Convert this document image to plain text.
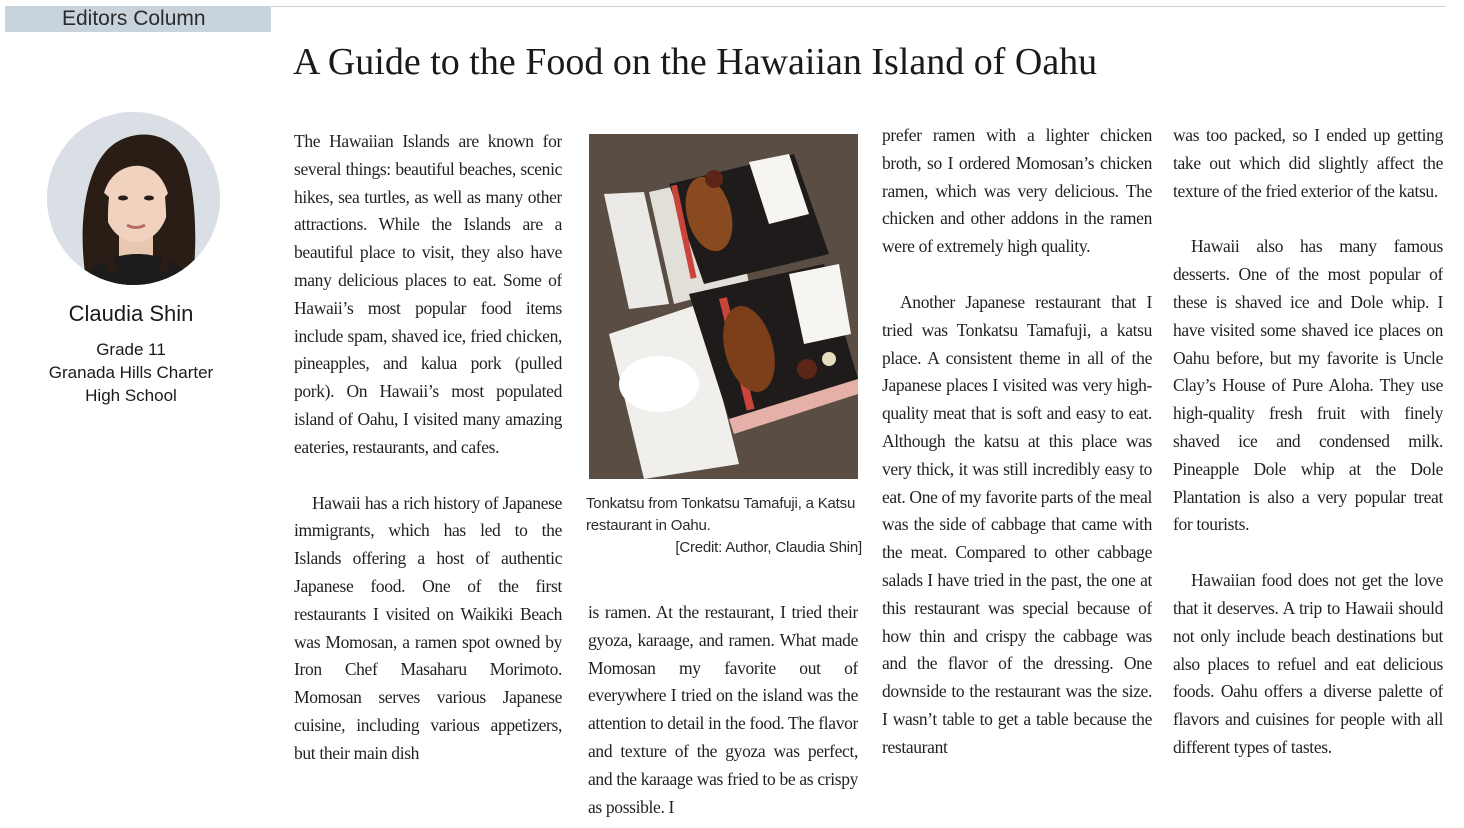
Editors Column
A Guide to the Food on the Hawaiian Island of Oahu
Claudia Shin
Grade 11
Granada Hills Charter
High School

The Hawaiian Islands are known for several things: beautiful beaches, scenic hikes, sea turtles, as well as many other attractions. While the Islands are a beautiful place to visit, they also have many delicious places to eat. Some of Hawaii’s most popular food items include spam, shaved ice, fried chicken, pineapples, and kalua pork (pulled pork). On Hawaii’s most populated island of Oahu, I visited many amazing eateries, restaurants, and cafes.

Hawaii has a rich history of Japanese immigrants, which has led to the Islands offering a host of authentic Japanese food. One of the first restaurants I visited on Waikiki Beach was Momosan, a ramen spot owned by Iron Chef Masaharu Morimoto. Momosan serves various Japanese cuisine, including various appetizers, but their main dish

Tonkatsu from Tonkatsu Tamafuji, a Katsu restaurant in Oahu.
[Credit: Author, Claudia Shin]

is ramen. At the restaurant, I tried their gyoza, karaage, and ramen. What made Momosan my favorite out of everywhere I tried on the island was the attention to detail in the food. The flavor and texture of the gyoza was perfect, and the karaage was fried to be as crispy as possible. I

prefer ramen with a lighter chicken broth, so I ordered Momosan’s chicken ramen, which was very delicious. The chicken and other addons in the ramen were of extremely high quality.

Another Japanese restaurant that I tried was Tonkatsu Tamafuji, a katsu place. A consistent theme in all of the Japanese places I visited was very high-quality meat that is soft and easy to eat. Although the katsu at this place was very thick, it was still incredibly easy to eat. One of my favorite parts of the meal was the side of cabbage that came with the meat. Compared to other cabbage salads I have tried in the past, the one at this restaurant was special because of how thin and crispy the cabbage was and the flavor of the dressing. One downside to the restaurant was the size. I wasn’t table to get a table because the restaurant

was too packed, so I ended up getting take out which did slightly affect the texture of the fried exterior of the katsu.

Hawaii also has many famous desserts. One of the most popular of these is shaved ice and Dole whip. I have visited some shaved ice places on Oahu before, but my favorite is Uncle Clay’s House of Pure Aloha. They use high-quality fresh fruit with finely shaved ice and condensed milk. Pineapple Dole whip at the Dole Plantation is also a very popular treat for tourists.

Hawaiian food does not get the love that it deserves. A trip to Hawaii should not only include beach destinations but also places to refuel and eat delicious foods. Oahu offers a diverse palette of flavors and cuisines for people with all different types of tastes.
